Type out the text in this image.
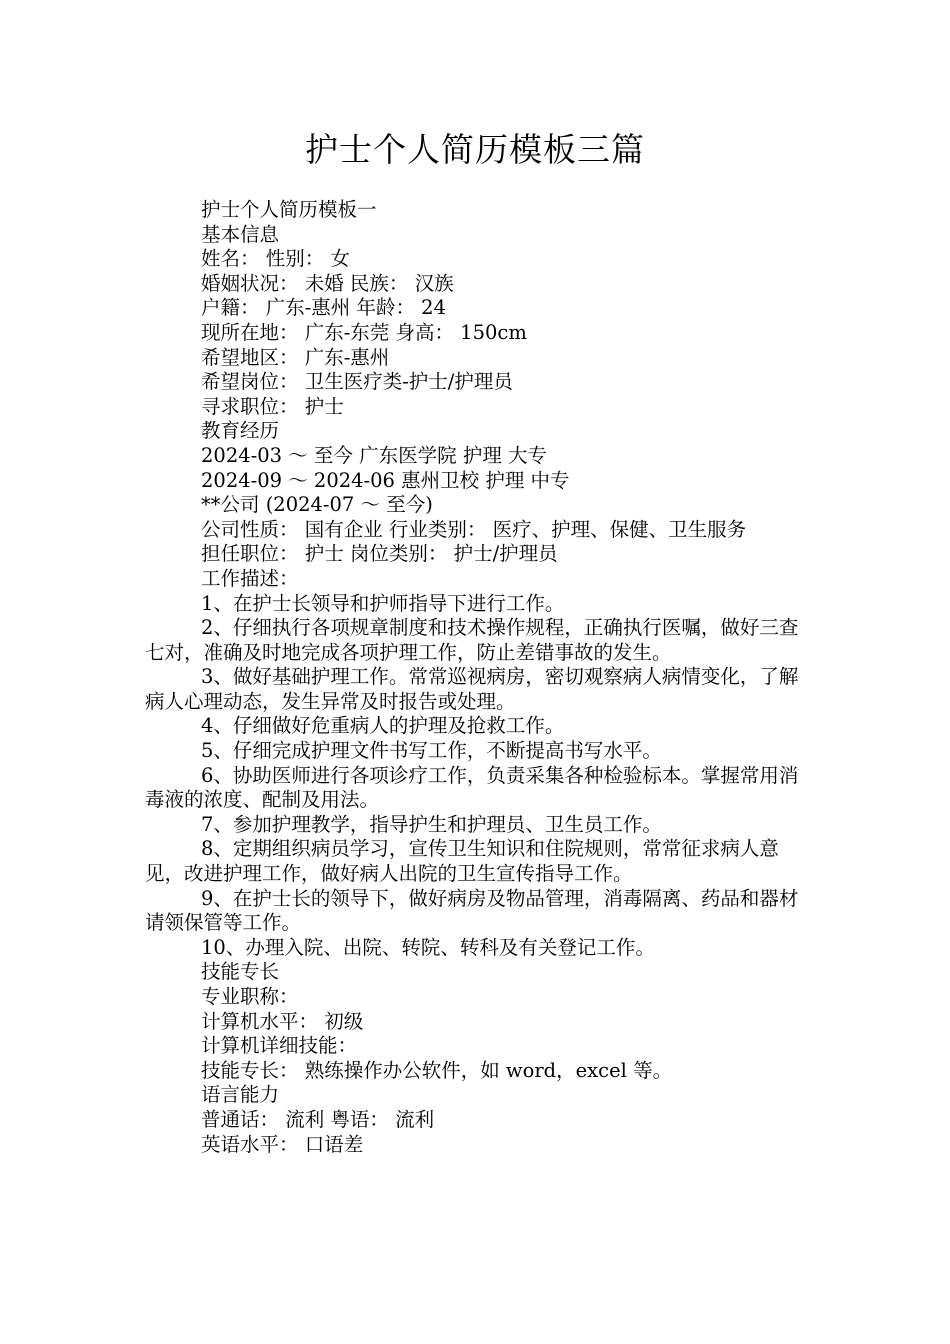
护士个人简历模板三篇

护士个人简历模板一

基本信息

姓名： 性别： 女

婚姻状况： 未婚 民族： 汉族

户籍： 广东-惠州 年龄： 24

现所在地： 广东-东莞 身高： 150cm

希望地区： 广东-惠州

希望岗位： 卫生医疗类-护士/护理员

寻求职位： 护士

教育经历

2024-03 ～ 至今 广东医学院 护理 大专

2024-09 ～ 2024-06 惠州卫校 护理 中专

**公司 (2024-07 ～ 至今)

公司性质： 国有企业 行业类别： 医疗、护理、保健、卫生服务

担任职位： 护士 岗位类别： 护士/护理员

工作描述：

1、在护士长领导和护师指导下进行工作。

2、仔细执行各项规章制度和技术操作规程，正确执行医嘱，做好三查七对，准确及时地完成各项护理工作，防止差错事故的发生。

3、做好基础护理工作。常常巡视病房，密切观察病人病情变化，了解病人心理动态，发生异常及时报告或处理。

4、仔细做好危重病人的护理及抢救工作。

5、仔细完成护理文件书写工作，不断提高书写水平。

6、协助医师进行各项诊疗工作，负责采集各种检验标本。掌握常用消毒液的浓度、配制及用法。

7、参加护理教学，指导护生和护理员、卫生员工作。

8、定期组织病员学习，宣传卫生知识和住院规则，常常征求病人意见，改进护理工作，做好病人出院的卫生宣传指导工作。

9、在护士长的领导下，做好病房及物品管理，消毒隔离、药品和器材请领保管等工作。

10、办理入院、出院、转院、转科及有关登记工作。

技能专长

专业职称：

计算机水平： 初级

计算机详细技能：

技能专长： 熟练操作办公软件，如 word，excel 等。

语言能力

普通话： 流利 粤语： 流利

英语水平： 口语差
